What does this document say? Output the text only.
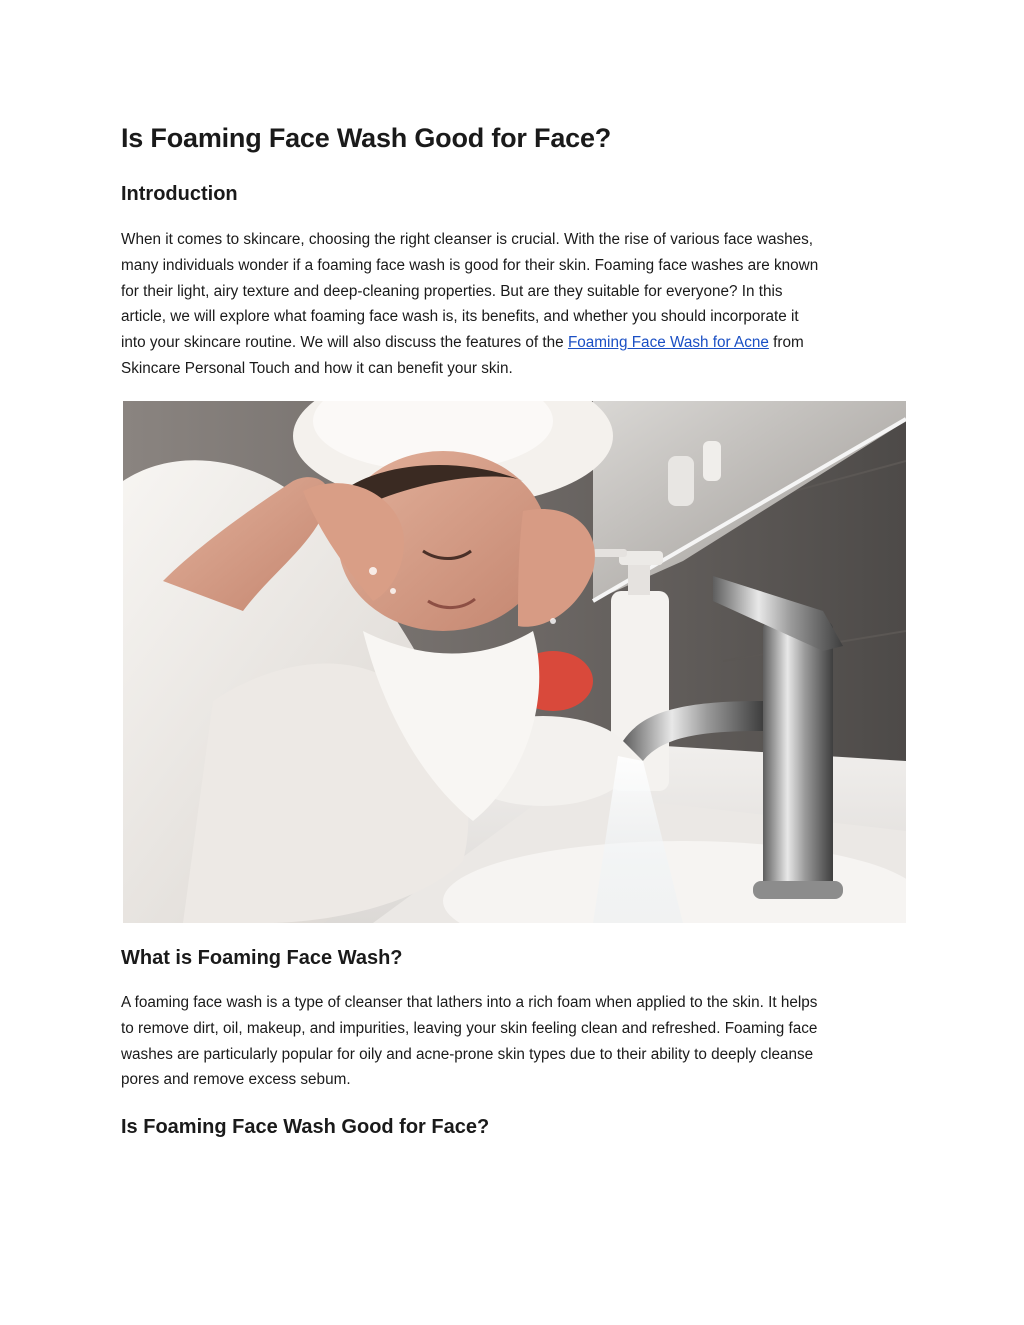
Is Foaming Face Wash Good for Face?
Introduction

When it comes to skincare, choosing the right cleanser is crucial. With the rise of various face washes,
many individuals wonder if a foaming face wash is good for their skin. Foaming face washes are known
for their light, airy texture and deep-cleaning properties. But are they suitable for everyone? In this
article, we will explore what foaming face wash is, its benefits, and whether you should incorporate it
into your skincare routine. We will also discuss the features of the Foaming Face Wash for Acne from
Skincare Personal Touch and how it can benefit your skin.

What is Foaming Face Wash?

A foaming face wash is a type of cleanser that lathers into a rich foam when applied to the skin. It helps
to remove dirt, oil, makeup, and impurities, leaving your skin feeling clean and refreshed. Foaming face
washes are particularly popular for oily and acne-prone skin types due to their ability to deeply cleanse
pores and remove excess sebum.

Is Foaming Face Wash Good for Face?
